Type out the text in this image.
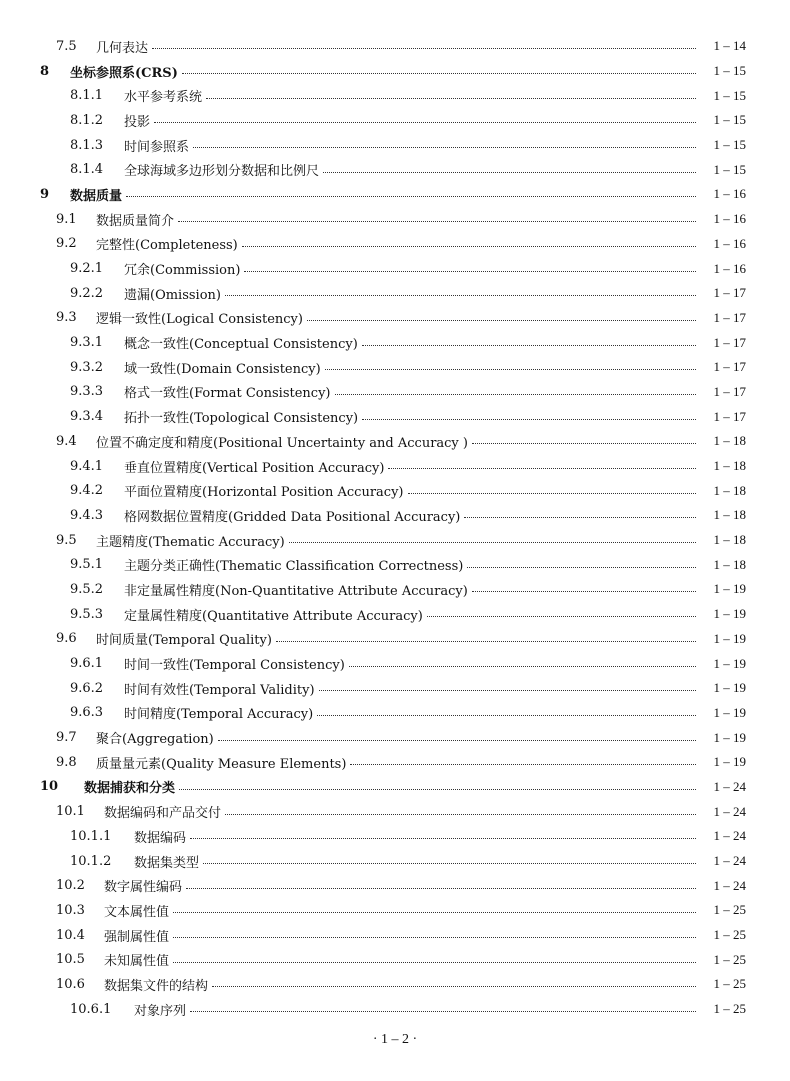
7.5	几何表达	1 – 14
8	坐标参照系(CRS)	1 – 15
8.1.1	水平参考系统	1 – 15
8.1.2	投影	1 – 15
8.1.3	时间参照系	1 – 15
8.1.4	全球海域多边形划分数据和比例尺	1 – 15
9	数据质量	1 – 16
9.1	数据质量简介	1 – 16
9.2	完整性(Completeness)	1 – 16
9.2.1	冗余(Commission)	1 – 16
9.2.2	遗漏(Omission)	1 – 17
9.3	逻辑一致性(Logical Consistency)	1 – 17
9.3.1	概念一致性(Conceptual Consistency)	1 – 17
9.3.2	域一致性(Domain Consistency)	1 – 17
9.3.3	格式一致性(Format Consistency)	1 – 17
9.3.4	拓扑一致性(Topological Consistency)	1 – 17
9.4	位置不确定度和精度(Positional Uncertainty and Accuracy )	1 – 18
9.4.1	垂直位置精度(Vertical Position Accuracy)	1 – 18
9.4.2	平面位置精度(Horizontal Position Accuracy)	1 – 18
9.4.3	格网数据位置精度(Gridded Data Positional Accuracy)	1 – 18
9.5	主题精度(Thematic Accuracy)	1 – 18
9.5.1	主题分类正确性(Thematic Classification Correctness)	1 – 18
9.5.2	非定量属性精度(Non-Quantitative Attribute Accuracy)	1 – 19
9.5.3	定量属性精度(Quantitative Attribute Accuracy)	1 – 19
9.6	时间质量(Temporal Quality)	1 – 19
9.6.1	时间一致性(Temporal Consistency)	1 – 19
9.6.2	时间有效性(Temporal Validity)	1 – 19
9.6.3	时间精度(Temporal Accuracy)	1 – 19
9.7	聚合(Aggregation)	1 – 19
9.8	质量量元素(Quality Measure Elements)	1 – 19
10	数据捕获和分类	1 – 24
10.1	数据编码和产品交付	1 – 24
10.1.1	数据编码	1 – 24
10.1.2	数据集类型	1 – 24
10.2	数字属性编码	1 – 24
10.3	文本属性值	1 – 25
10.4	强制属性值	1 – 25
10.5	未知属性值	1 – 25
10.6	数据集文件的结构	1 – 25
10.6.1	对象序列	1 – 25
· 1 – 2 ·
